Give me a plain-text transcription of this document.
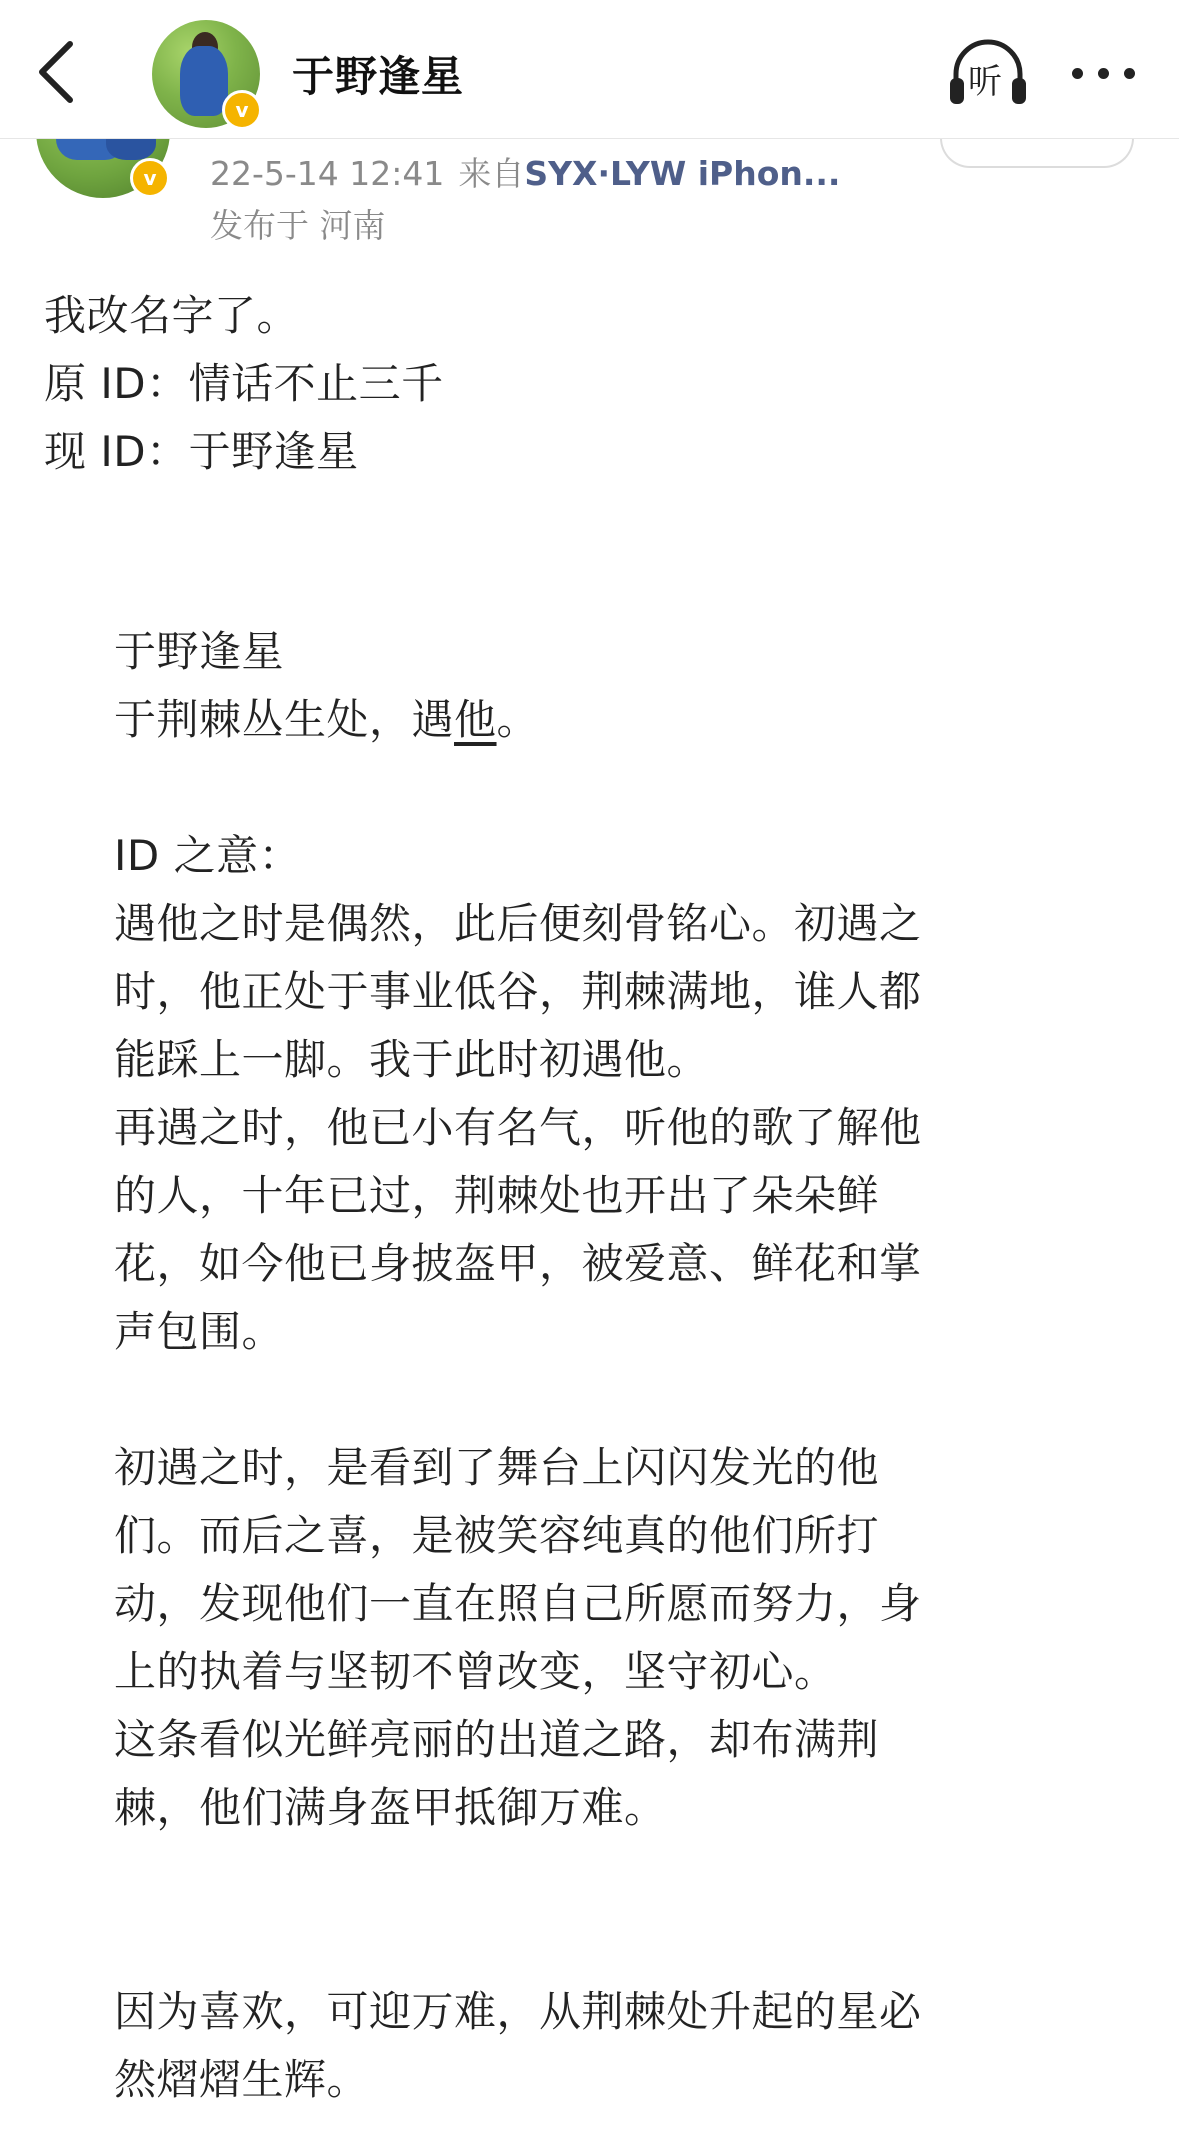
v	22-5-14 12:41 来自SYX·LYW iPhon...
发布于 河南
我改名字了。
原 ID：情话不止三千
现 ID：于野逢星
于野逢星
于荆棘丛生处，遇他。
ID 之意：
遇他之时是偶然，此后便刻骨铭心。初遇之
时，他正处于事业低谷，荆棘满地，谁人都
能踩上一脚。我于此时初遇他。
再遇之时，他已小有名气，听他的歌了解他
的人，十年已过，荆棘处也开出了朵朵鲜
花，如今他已身披盔甲，被爱意、鲜花和掌
声包围。
初遇之时，是看到了舞台上闪闪发光的他
们。而后之喜，是被笑容纯真的他们所打
动，发现他们一直在照自己所愿而努力，身
上的执着与坚韧不曾改变，坚守初心。
这条看似光鲜亮丽的出道之路，却布满荆
棘，他们满身盔甲抵御万难。
因为喜欢，可迎万难，从荆棘处升起的星必
然熠熠生辉。
v
于野逢星	听
